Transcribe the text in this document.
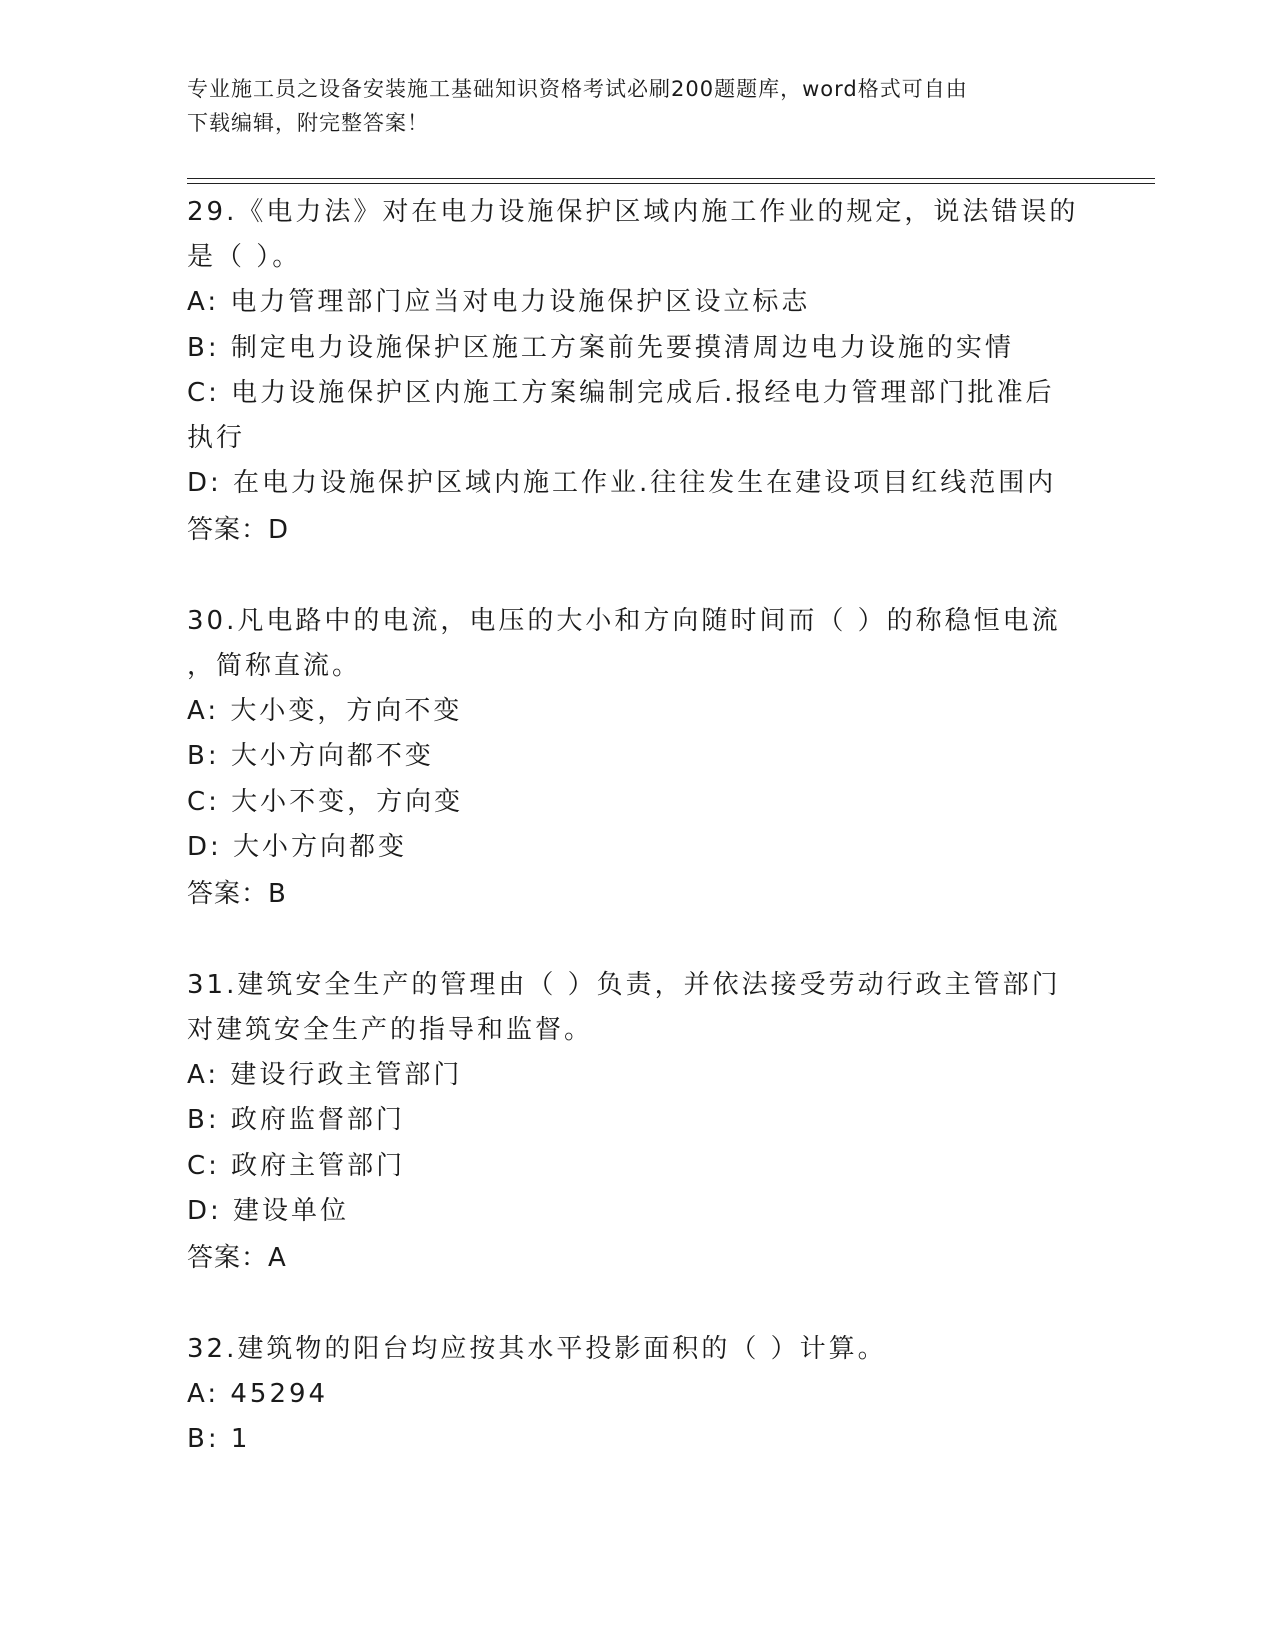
专业施工员之设备安装施工基础知识资格考试必刷200题题库，word格式可自由
下载编辑，附完整答案！
29.《电力法》对在电力设施保护区域内施工作业的规定，说法错误的
是（ ）。
A: 电力管理部门应当对电力设施保护区设立标志
B: 制定电力设施保护区施工方案前先要摸清周边电力设施的实情
C: 电力设施保护区内施工方案编制完成后.报经电力管理部门批准后
执行
D: 在电力设施保护区域内施工作业.往往发生在建设项目红线范围内
答案：D
30.凡电路中的电流，电压的大小和方向随时间而（ ）的称稳恒电流
，简称直流。
A: 大小变，方向不变
B: 大小方向都不变
C: 大小不变，方向变
D: 大小方向都变
答案：B
31.建筑安全生产的管理由（ ）负责，并依法接受劳动行政主管部门
对建筑安全生产的指导和监督。
A: 建设行政主管部门
B: 政府监督部门
C: 政府主管部门
D: 建设单位
答案：A
32.建筑物的阳台均应按其水平投影面积的（ ）计算。
A: 45294
B: 1
